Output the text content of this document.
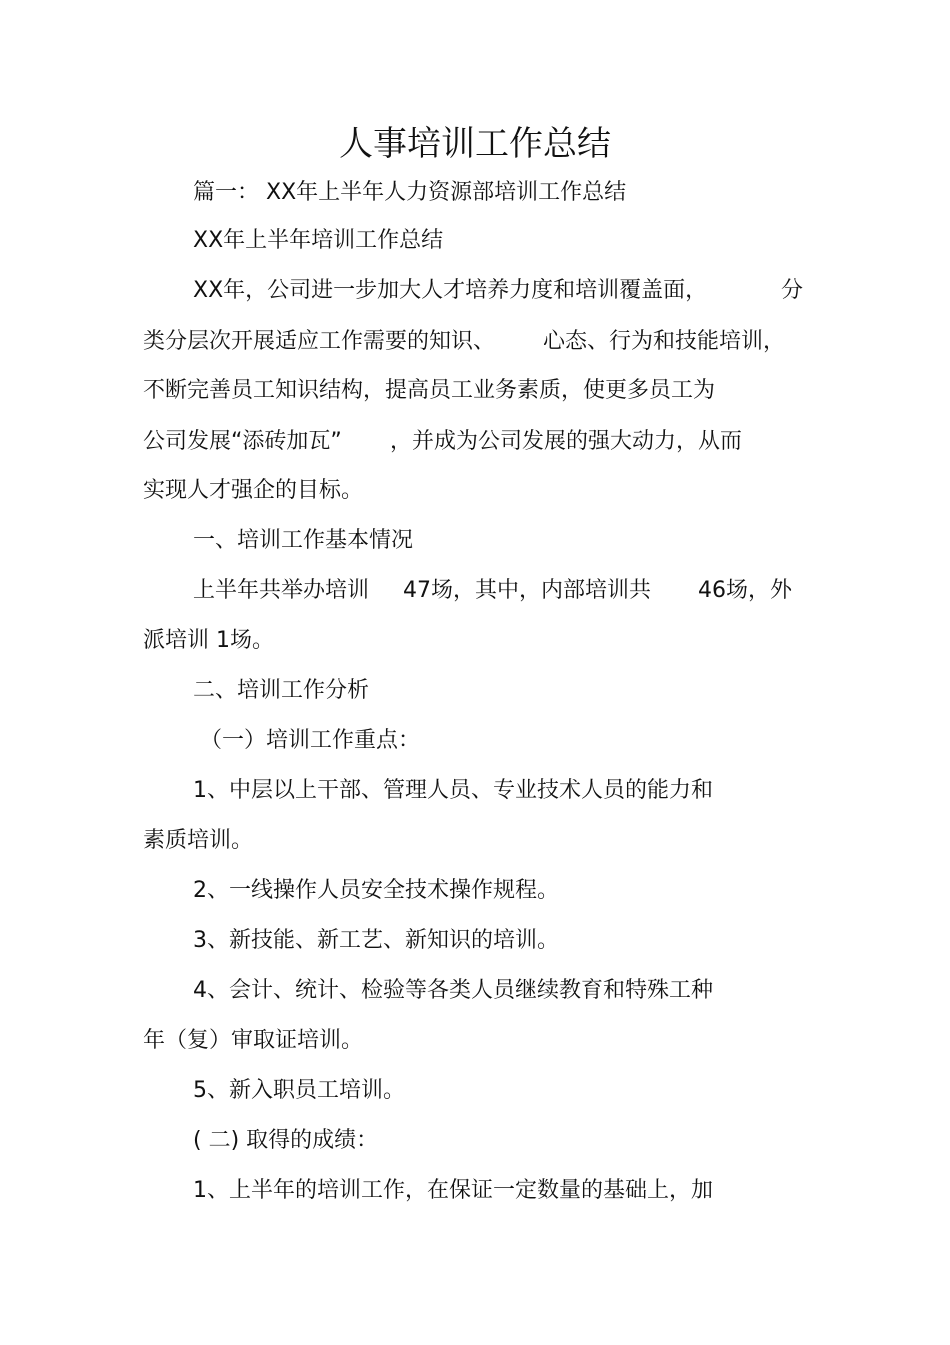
人事培训工作总结

篇一： XX年上半年人力资源部培训工作总结

XX年上半年培训工作总结

XX年，公司进一步加大人才培养力度和培训覆盖面，	分

类分层次开展适应工作需要的知识、 心态、行为和技能培训，

不断完善员工知识结构，提高员工业务素质，使更多员工为

公司发展“添砖加瓦” ，并成为公司发展的强大动力，从而

实现人才强企的目标。

一、培训工作基本情况

上半年共举办培训 47场，其中，内部培训共 46场，外

派培训 1场。

二、培训工作分析

（一）培训工作重点：

1、中层以上干部、管理人员、专业技术人员的能力和

素质培训。

2、一线操作人员安全技术操作规程。

3、新技能、新工艺、新知识的培训。

4、会计、统计、检验等各类人员继续教育和特殊工种

年（复）审取证培训。

5、新入职员工培训。

( 二) 取得的成绩：

1、上半年的培训工作，在保证一定数量的基础上，加
